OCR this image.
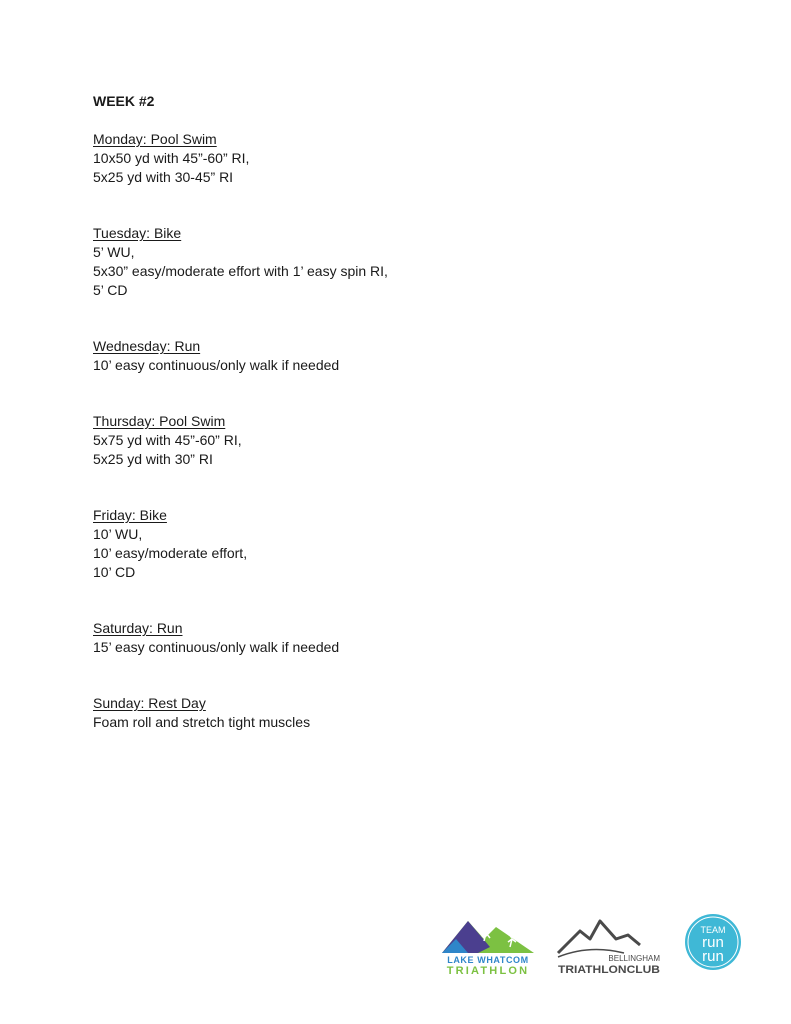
WEEK #2
Monday: Pool Swim
10x50 yd with 45”-60” RI,
5x25 yd with 30-45” RI
Tuesday: Bike
5’ WU,
5x30” easy/moderate effort with 1’ easy spin RI,
5’ CD
Wednesday: Run
10’ easy continuous/only walk if needed
Thursday: Pool Swim
5x75 yd with 45”-60” RI,
5x25 yd with 30” RI
Friday: Bike
10’ WU,
10’ easy/moderate effort,
10’ CD
Saturday: Run
15’ easy continuous/only walk if needed
Sunday: Rest Day
Foam roll and stretch tight muscles
LAKE WHATCOM
TRIATHLON
BELLINGHAM
TRIATHLONCLUB
TEAM
run
run
